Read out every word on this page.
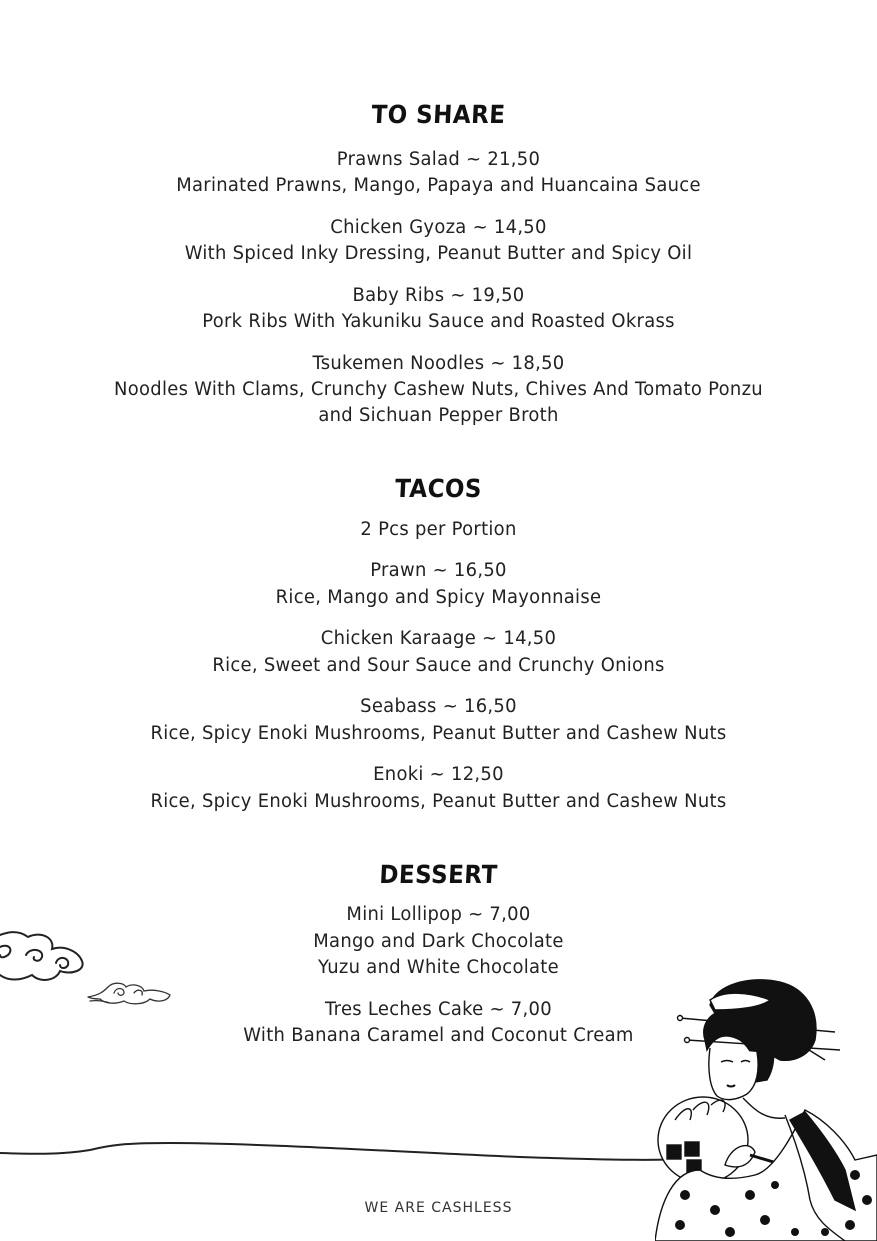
TO SHARE
Prawns Salad ~ 21,50
Marinated Prawns, Mango, Papaya and Huancaina Sauce
Chicken Gyoza ~ 14,50
With Spiced Inky Dressing, Peanut Butter and Spicy Oil
Baby Ribs ~ 19,50
Pork Ribs With Yakuniku Sauce and Roasted Okrass
Tsukemen Noodles ~ 18,50
Noodles With Clams, Crunchy Cashew Nuts, Chives And Tomato Ponzu
and Sichuan Pepper Broth
TACOS
2 Pcs per Portion
Prawn ~ 16,50
Rice, Mango and Spicy Mayonnaise
Chicken Karaage ~ 14,50
Rice, Sweet and Sour Sauce and Crunchy Onions
Seabass ~ 16,50
Rice, Spicy Enoki Mushrooms, Peanut Butter and Cashew Nuts
Enoki ~ 12,50
Rice, Spicy Enoki Mushrooms, Peanut Butter and Cashew Nuts
DESSERT
Mini Lollipop ~ 7,00
Mango and Dark Chocolate
Yuzu and White Chocolate
Tres Leches Cake ~ 7,00
With Banana Caramel and Coconut Cream
WE ARE CASHLESS
